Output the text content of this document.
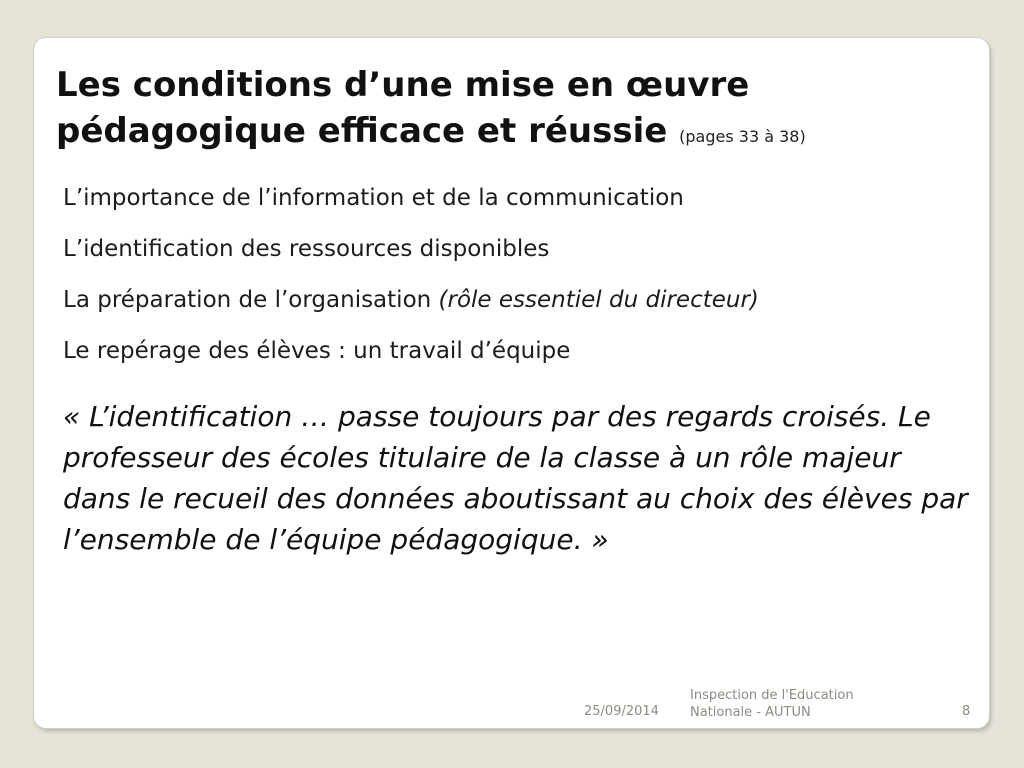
Les conditions d’une mise en œuvre pédagogique efficace et réussie (pages 33 à 38)
L’importance de l’information et de la communication
L’identification des ressources disponibles
La préparation de l’organisation (rôle essentiel du directeur)
Le repérage des élèves : un travail d’équipe

« L’identification … passe toujours par des regards croisés. Le professeur des écoles titulaire de la classe à un rôle majeur dans le recueil des données aboutissant au choix des élèves par l’ensemble de l’équipe pédagogique. »

25/09/2014
Inspection de l'Education Nationale - AUTUN	8
